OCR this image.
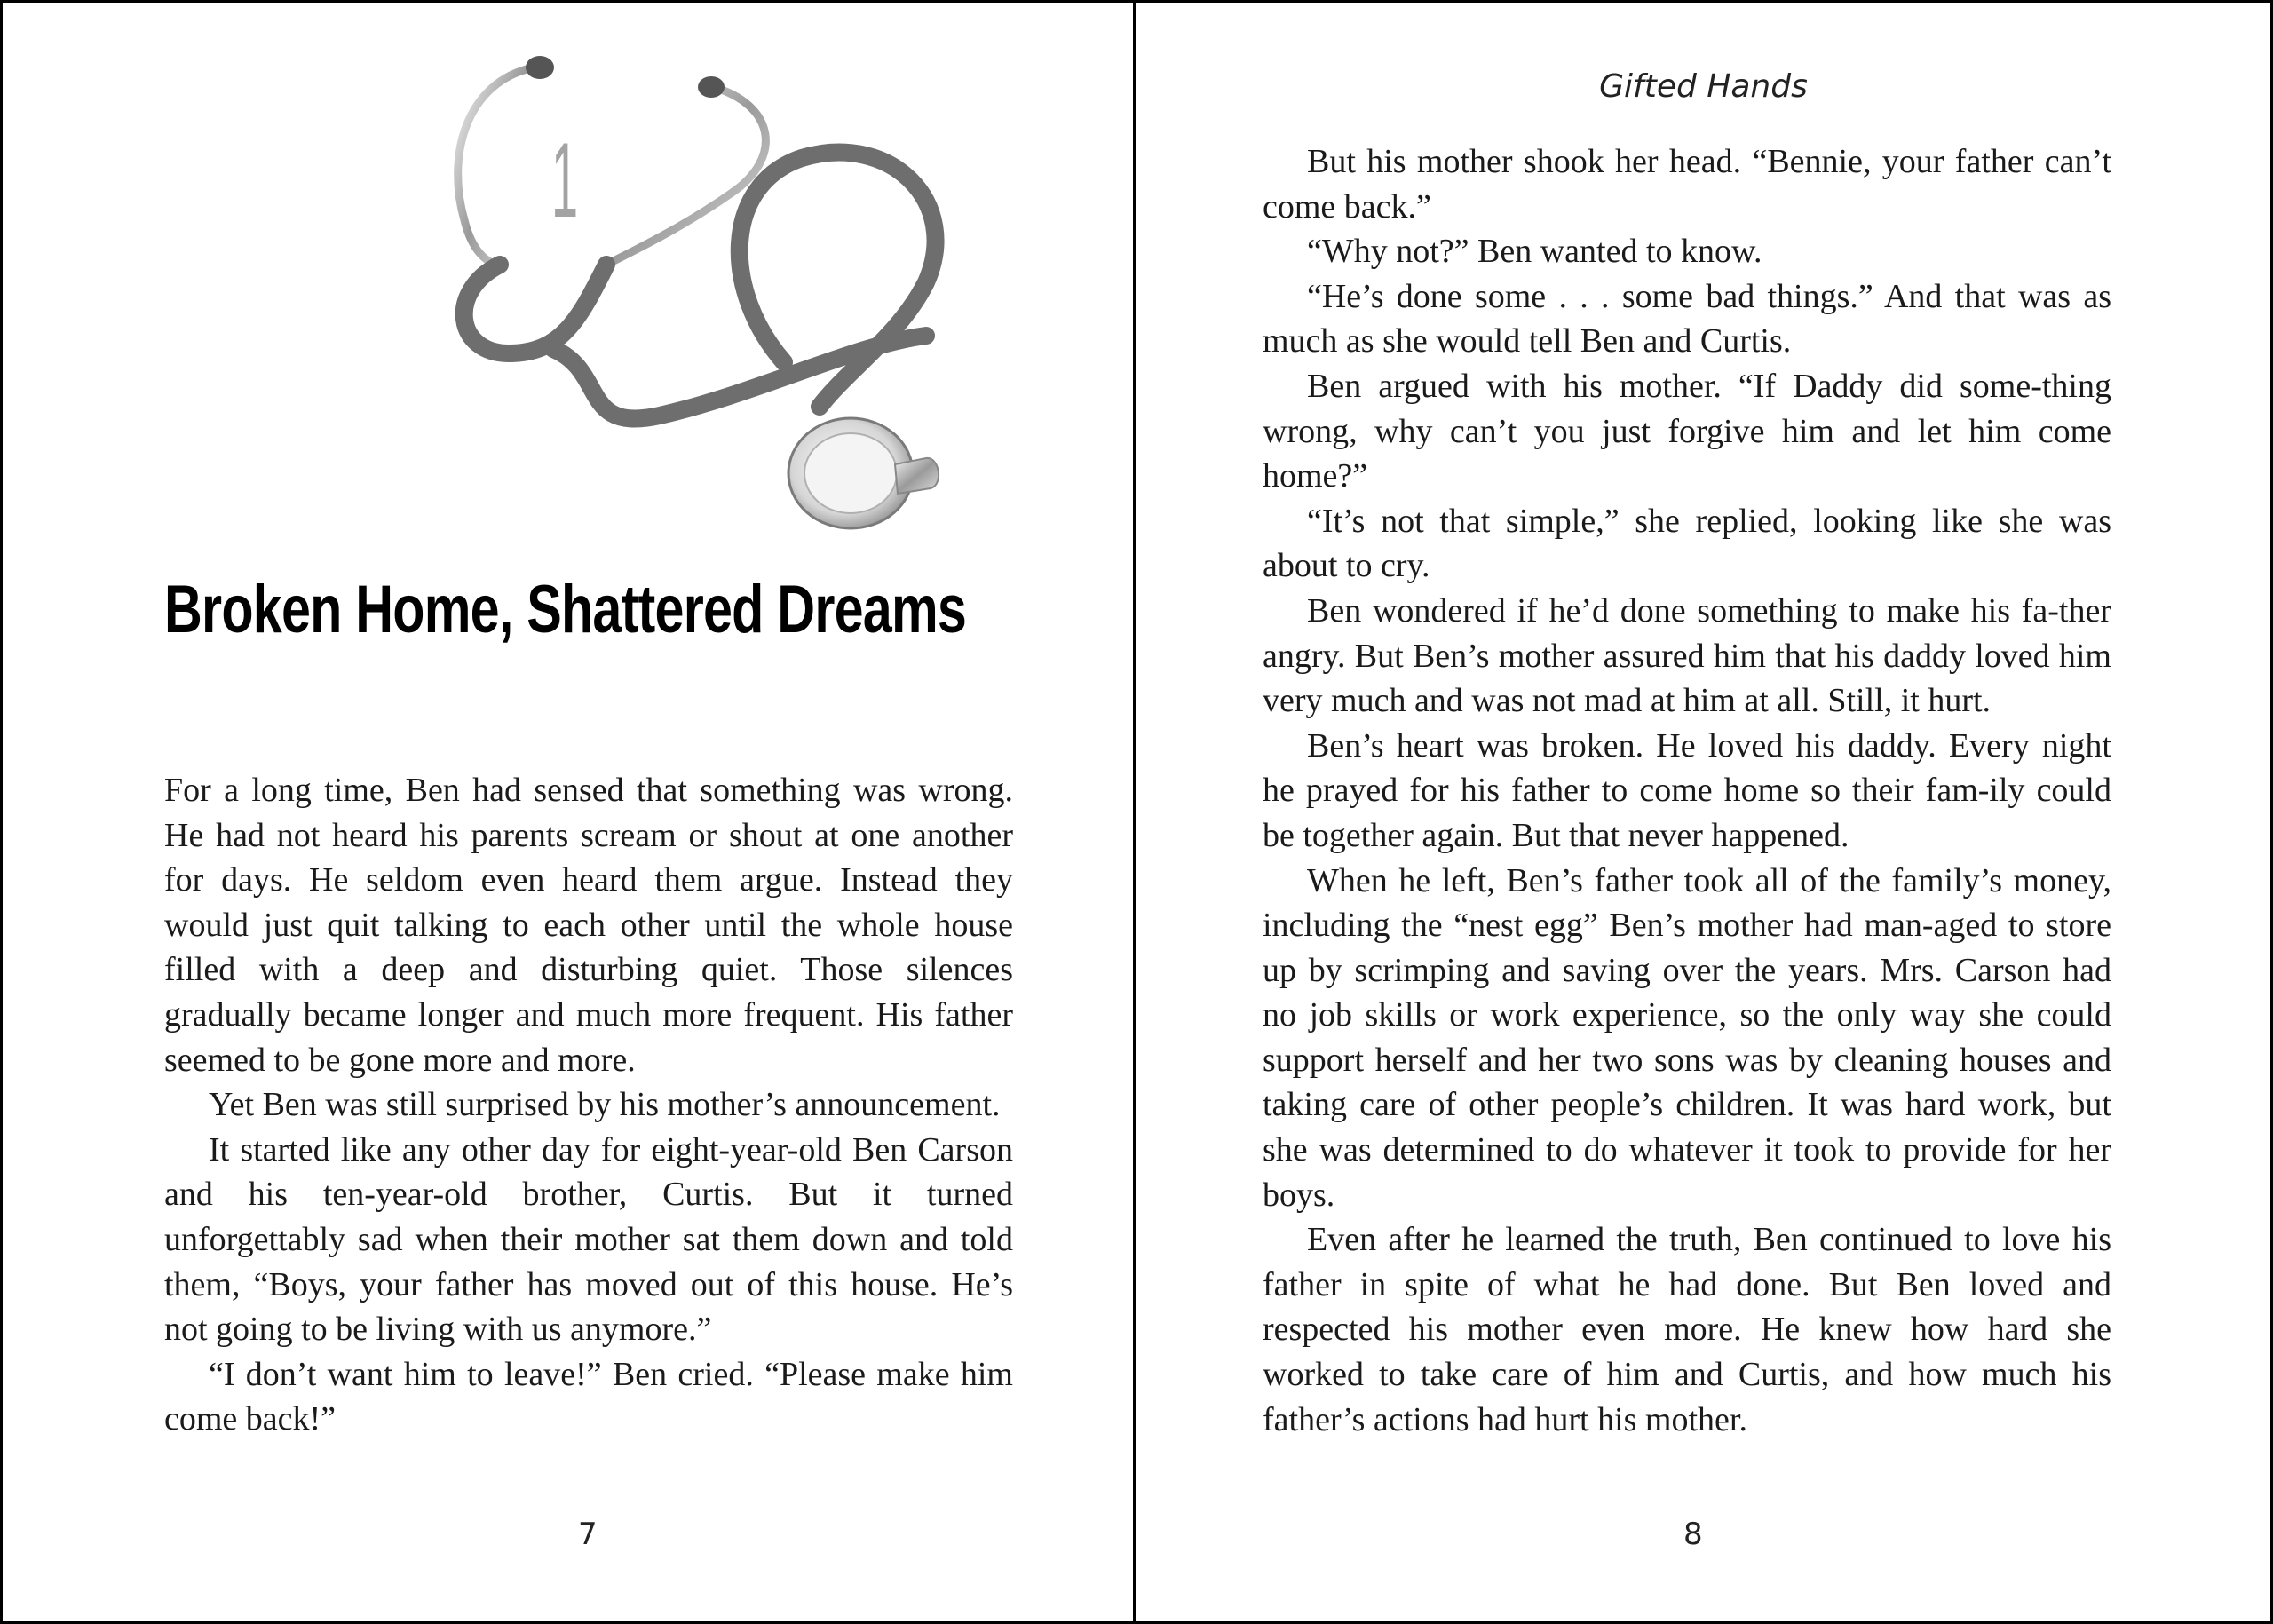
1
Broken Home, Shattered Dreams

For a long time, Ben had sensed that something was wrong. He had not heard his parents scream or shout at one another for days. He seldom even heard them argue. Instead they would just quit talking to each other until the whole house filled with a deep and disturbing quiet. Those silences gradually became longer and much more frequent. His father seemed to be gone more and more.

Yet Ben was still surprised by his mother’s announcement.

It started like any other day for eight-year-old Ben Carson and his ten-year-old brother, Curtis. But it turned unforgettably sad when their mother sat them down and told them, “Boys, your father has moved out of this house. He’s not going to be living with us anymore.”

“I don’t want him to leave!” Ben cried. “Please make him come back!”

7
Gifted Hands

But his mother shook her head. “Bennie, your father can’t come back.”

“Why not?” Ben wanted to know.

“He’s done some . . . some bad things.” And that was as much as she would tell Ben and Curtis.

Ben argued with his mother. “If Daddy did some-thing wrong, why can’t you just forgive him and let him come home?”

“It’s not that simple,” she replied, looking like she was about to cry.

Ben wondered if he’d done something to make his fa-ther angry. But Ben’s mother assured him that his daddy loved him very much and was not mad at him at all. Still, it hurt.

Ben’s heart was broken. He loved his daddy. Every night he prayed for his father to come home so their fam-ily could be together again. But that never happened.

When he left, Ben’s father took all of the family’s money, including the “nest egg” Ben’s mother had man-aged to store up by scrimping and saving over the years. Mrs. Carson had no job skills or work experience, so the only way she could support herself and her two sons was by cleaning houses and taking care of other people’s children. It was hard work, but she was determined to do whatever it took to provide for her boys.

Even after he learned the truth, Ben continued to love his father in spite of what he had done. But Ben loved and respected his mother even more. He knew how hard she worked to take care of him and Curtis, and how much his father’s actions had hurt his mother.

8
